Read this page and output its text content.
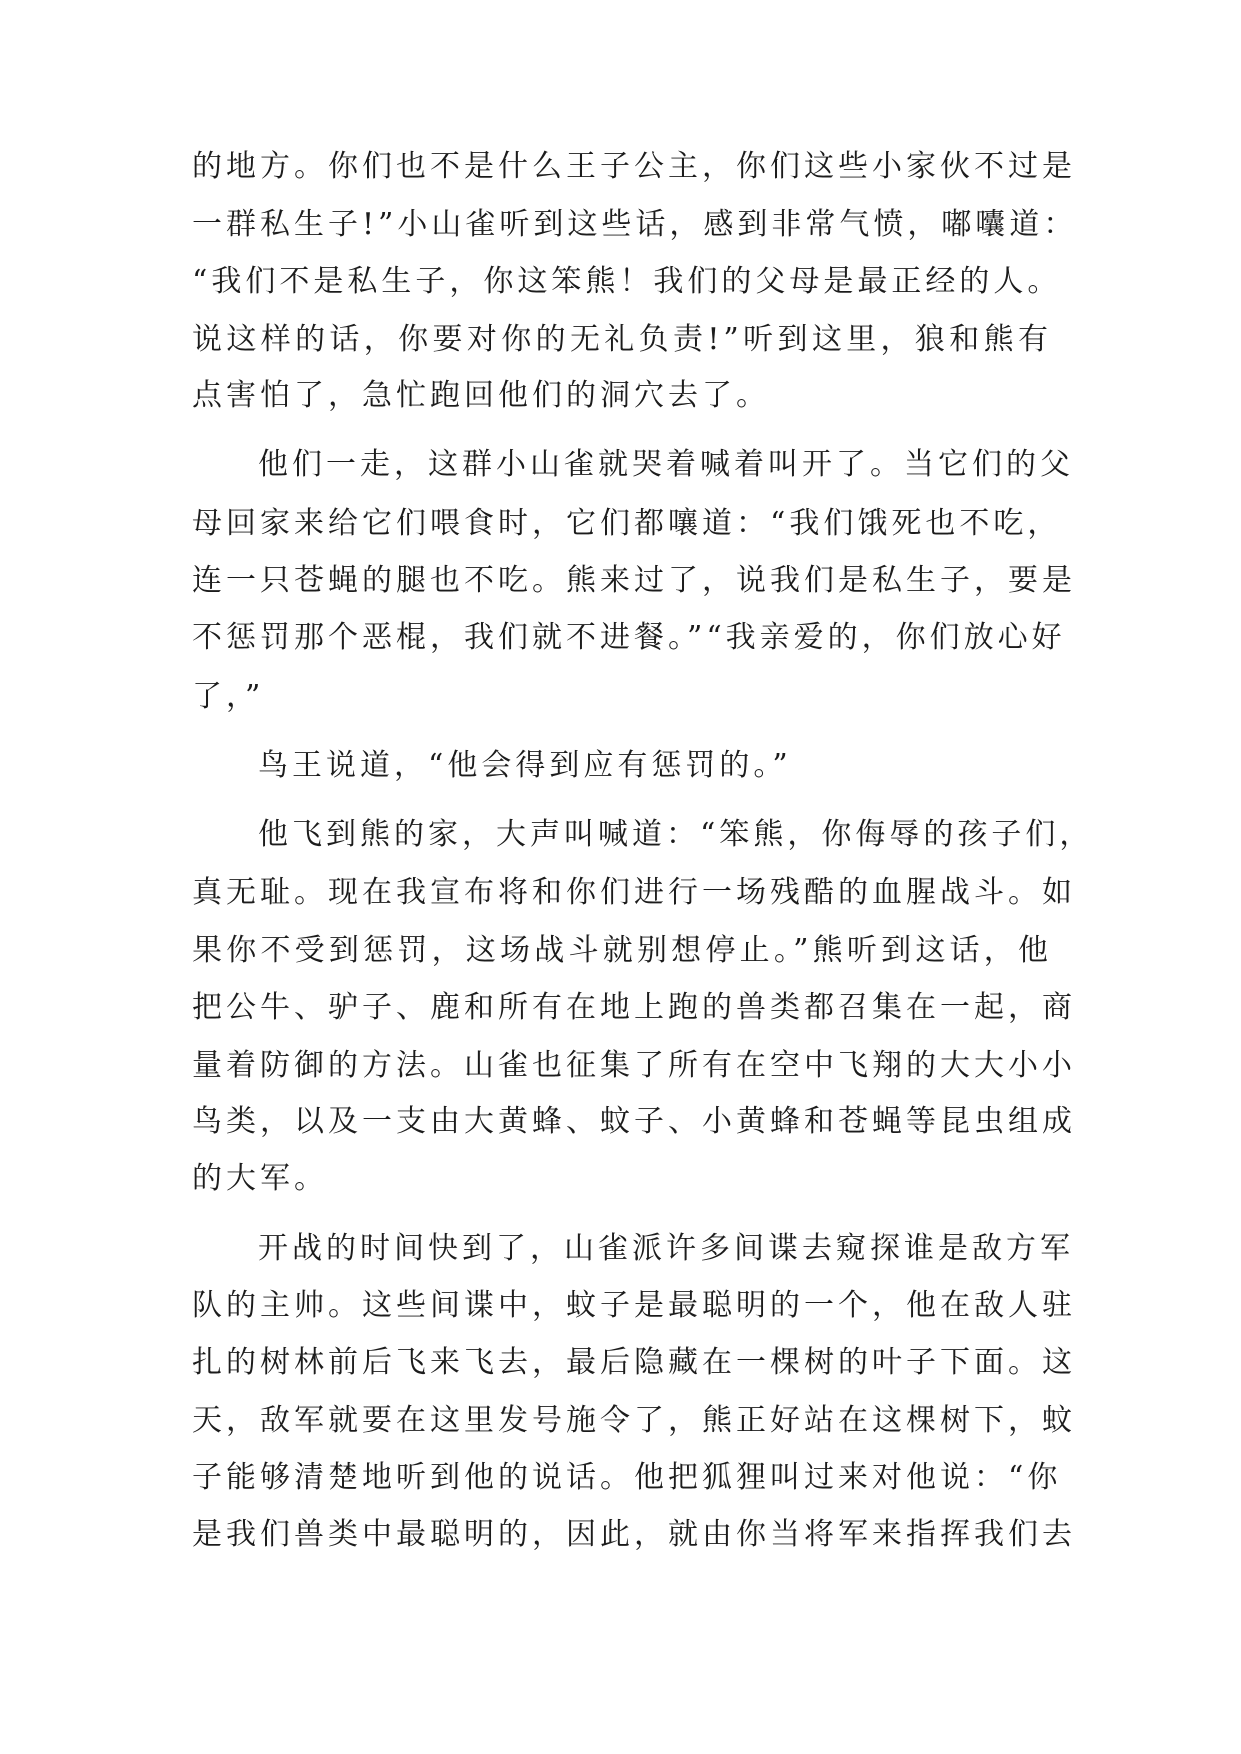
的地方。你们也不是什么王子公主，你们这些小家伙不过是

一群私生子!”小山雀听到这些话，感到非常气愤，嘟囔道：

“我们不是私生子，你这笨熊！我们的父母是最正经的人。

说这样的话，你要对你的无礼负责!”听到这里，狼和熊有

点害怕了，急忙跑回他们的洞穴去了。

他们一走，这群小山雀就哭着喊着叫开了。当它们的父

母回家来给它们喂食时，它们都嚷道：“我们饿死也不吃，

连一只苍蝇的腿也不吃。熊来过了，说我们是私生子，要是

不惩罚那个恶棍，我们就不进餐。”“我亲爱的，你们放心好

了，”

鸟王说道，“他会得到应有惩罚的。”

他飞到熊的家，大声叫喊道：“笨熊，你侮辱的孩子们，

真无耻。现在我宣布将和你们进行一场残酷的血腥战斗。如

果你不受到惩罚，这场战斗就别想停止。”熊听到这话，他

把公牛、驴子、鹿和所有在地上跑的兽类都召集在一起，商

量着防御的方法。山雀也征集了所有在空中飞翔的大大小小

鸟类，以及一支由大黄蜂、蚊子、小黄蜂和苍蝇等昆虫组成

的大军。

开战的时间快到了，山雀派许多间谍去窥探谁是敌方军

队的主帅。这些间谍中，蚊子是最聪明的一个，他在敌人驻

扎的树林前后飞来飞去，最后隐藏在一棵树的叶子下面。这

天，敌军就要在这里发号施令了，熊正好站在这棵树下，蚊

子能够清楚地听到他的说话。他把狐狸叫过来对他说：“你

是我们兽类中最聪明的，因此，就由你当将军来指挥我们去
